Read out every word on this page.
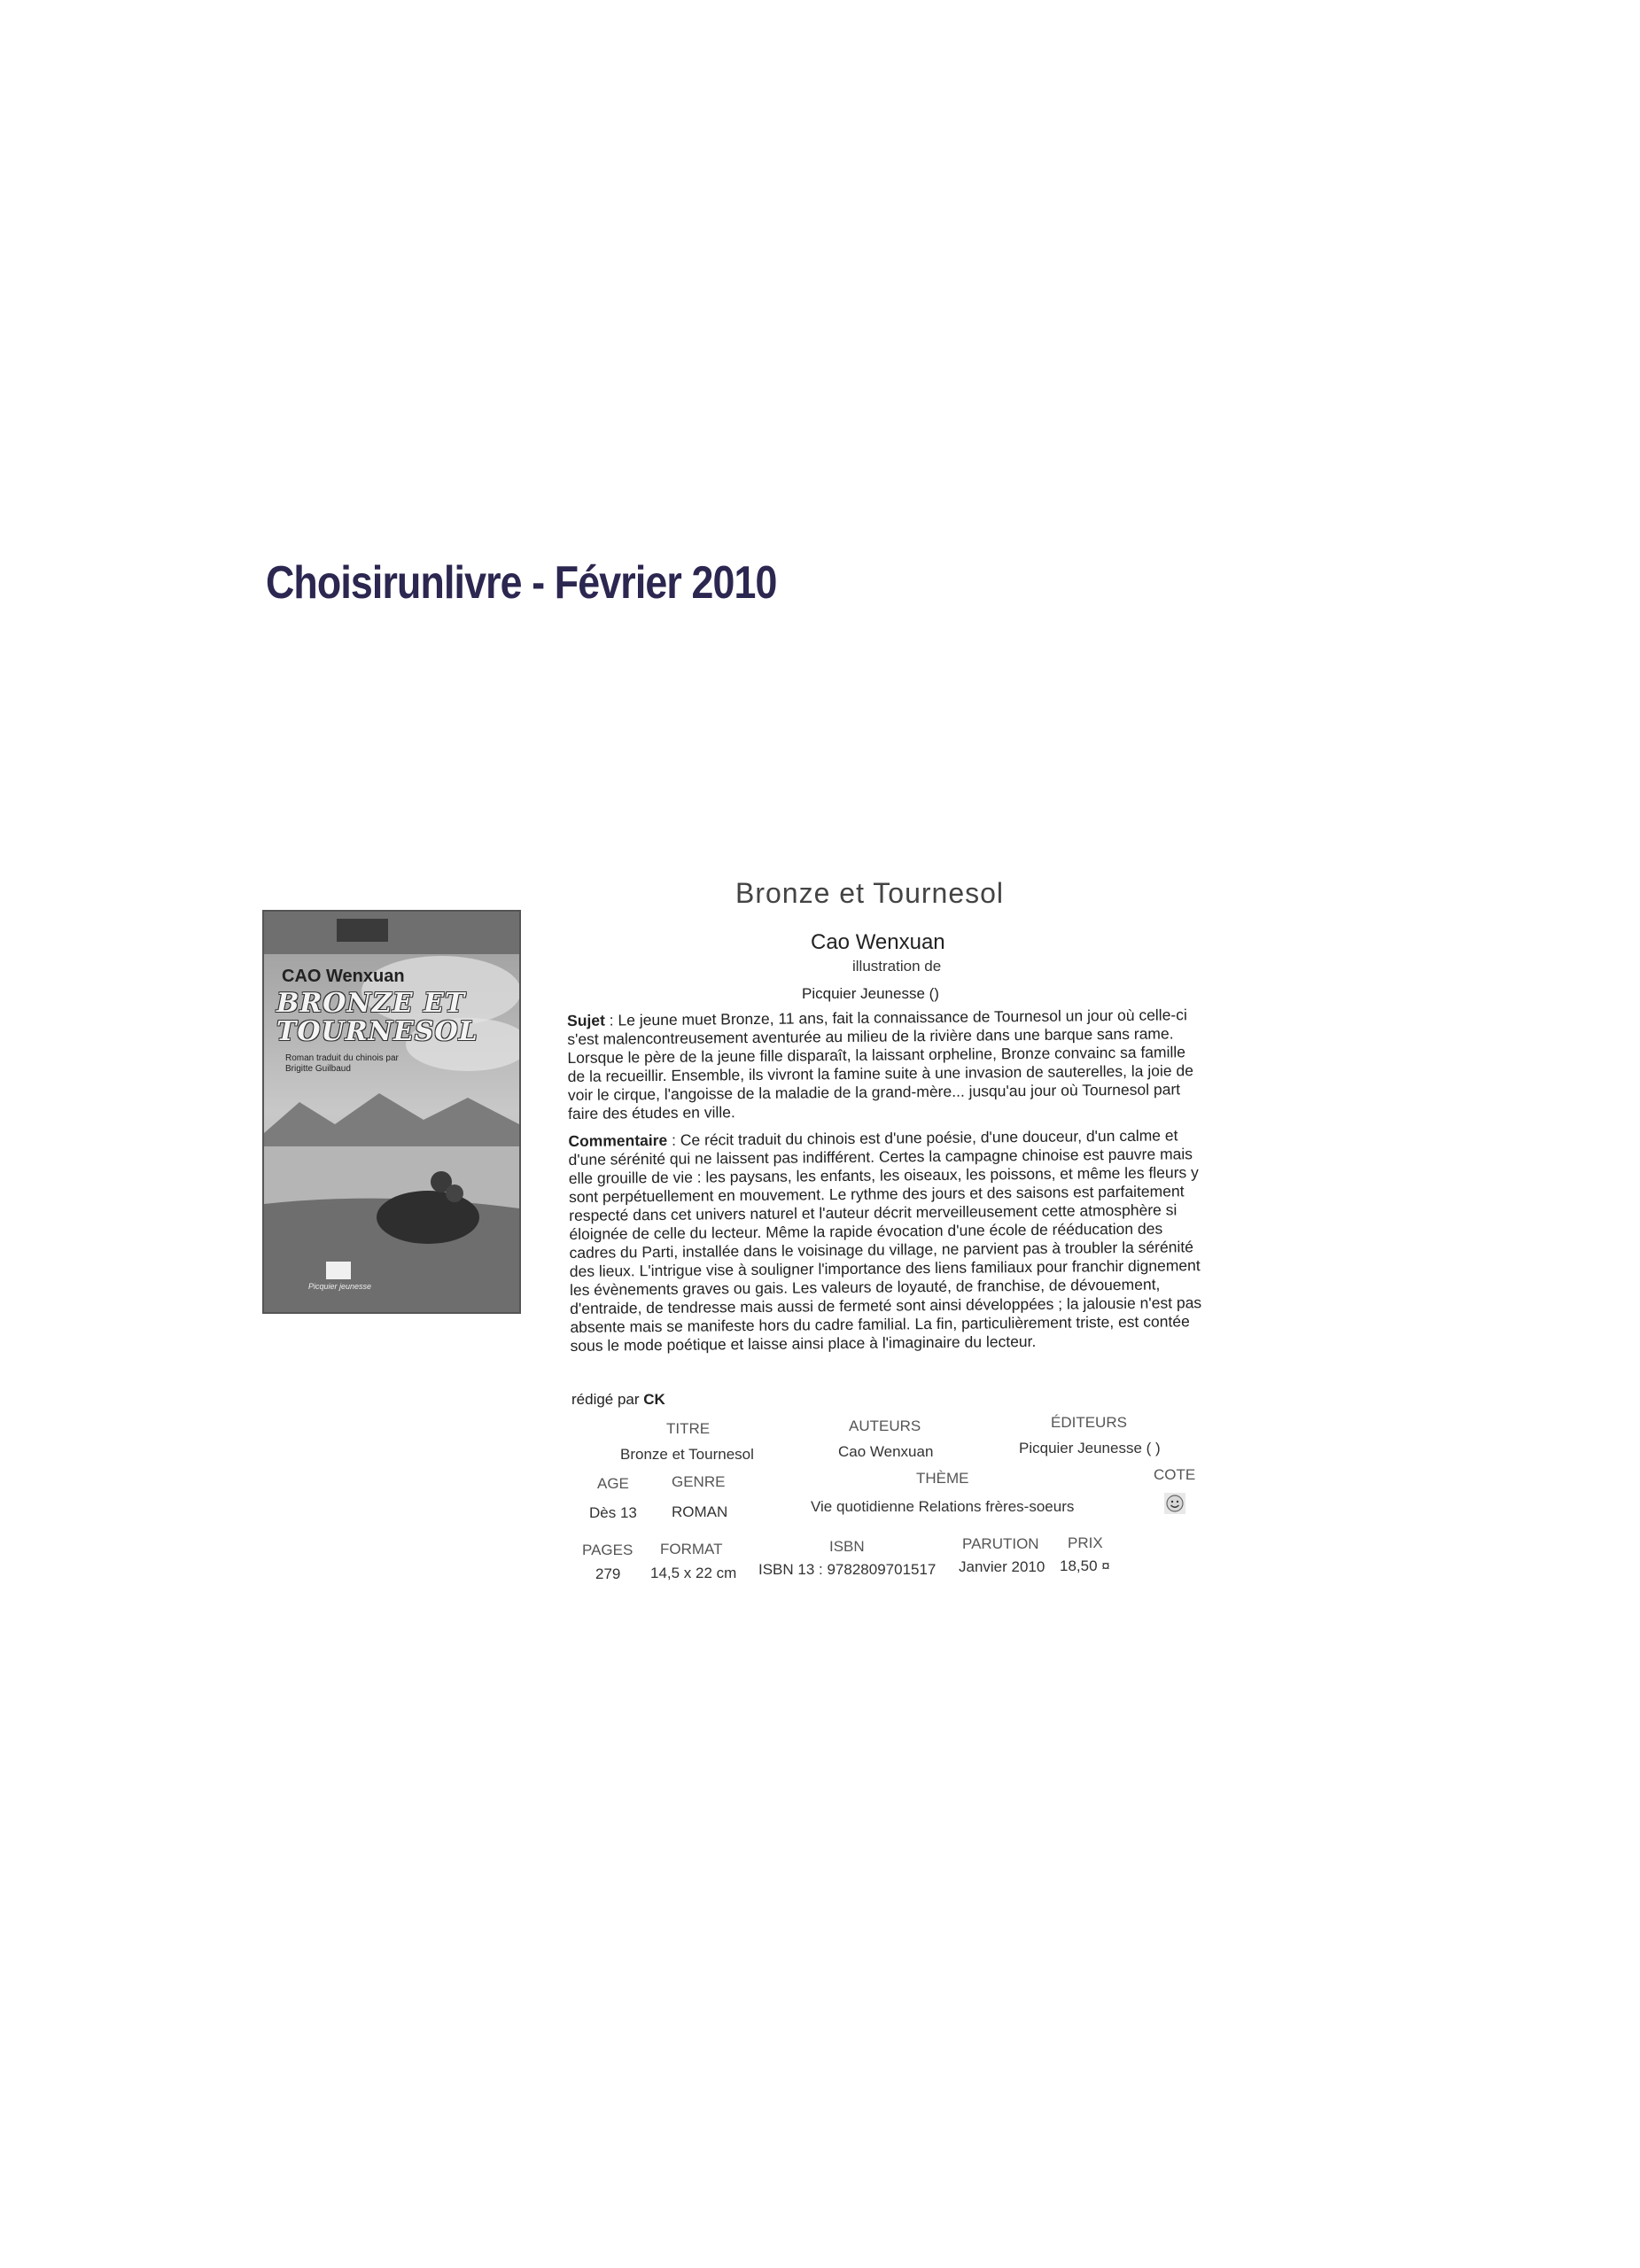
Choisirunlivre - Février 2010
CAO Wenxuan
BRONZE ET
TOURNESOL
Roman traduit du chinois par Brigitte Guilbaud
Picquier jeunesse
Bronze et Tournesol
Cao Wenxuan
illustration de
Picquier Jeunesse ()

Sujet : Le jeune muet Bronze, 11 ans, fait la connaissance de Tournesol un jour où celle-ci s'est malencontreusement aventurée au milieu de la rivière dans une barque sans rame. Lorsque le père de la jeune fille disparaît, la laissant orpheline, Bronze convainc sa famille de la recueillir. Ensemble, ils vivront la famine suite à une invasion de sauterelles, la joie de voir le cirque, l'angoisse de la maladie de la grand-mère... jusqu'au jour où Tournesol part faire des études en ville.

Commentaire : Ce récit traduit du chinois est d'une poésie, d'une douceur, d'un calme et d'une sérénité qui ne laissent pas indifférent. Certes la campagne chinoise est pauvre mais elle grouille de vie : les paysans, les enfants, les oiseaux, les poissons, et même les fleurs y sont perpétuellement en mouvement. Le rythme des jours et des saisons est parfaitement respecté dans cet univers naturel et l'auteur décrit merveilleusement cette atmosphère si éloignée de celle du lecteur. Même la rapide évocation d'une école de rééducation des cadres du Parti, installée dans le voisinage du village, ne parvient pas à troubler la sérénité des lieux. L'intrigue vise à souligner l'importance des liens familiaux pour franchir dignement les évènements graves ou gais. Les valeurs de loyauté, de franchise, de dévouement, d'entraide, de tendresse mais aussi de fermeté sont ainsi développées ; la jalousie n'est pas absente mais se manifeste hors du cadre familial. La fin, particulièrement triste, est contée sous le mode poétique et laisse ainsi place à l'imaginaire du lecteur.

rédigé par CK
TITRE
Bronze et Tournesol
AUTEURS
Cao Wenxuan
ÉDITEURS
Picquier Jeunesse ( )
AGE
Dès 13
GENRE
ROMAN
THÈME
Vie quotidienne Relations frères-soeurs
COTE
PAGES
279
FORMAT
14,5 x 22 cm
ISBN
ISBN 13 : 9782809701517
PARUTION
Janvier 2010
PRIX
18,50 ¤
